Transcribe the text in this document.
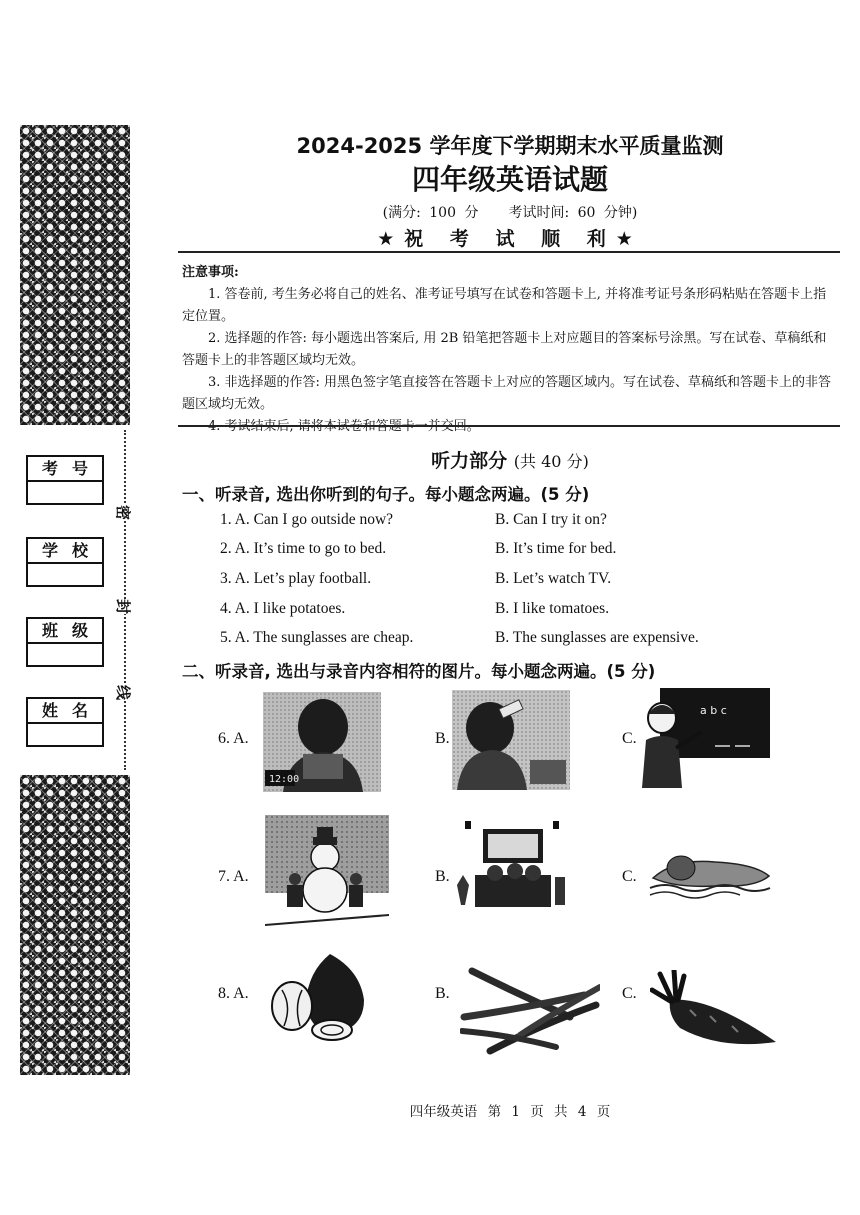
考号
学校
班级
姓名
密
封
线
2024-2025 学年度下学期期末水平质量监测
四年级英语试题
(满分: 100 分 考试时间: 60 分钟)
★祝 考 试 顺 利★
注意事项:

1. 答卷前, 考生务必将自己的姓名、准考证号填写在试卷和答题卡上, 并将准考证号条形码粘贴在答题卡上指定位置。

2. 选择题的作答: 每小题选出答案后, 用 2B 铅笔把答题卡上对应题目的答案标号涂黑。写在试卷、草稿纸和答题卡上的非答题区域均无效。

3. 非选择题的作答: 用黑色签字笔直接答在答题卡上对应的答题区域内。写在试卷、草稿纸和答题卡上的非答题区域均无效。

4. 考试结束后, 请将本试卷和答题卡一并交回。

听力部分 (共 40 分)
一、听录音, 选出你听到的句子。每小题念两遍。(5 分)
1. A. Can I go outside now?	B. Can I try it on?
2. A. It’s time to go to bed.	B. It’s time for bed.
3. A. Let’s play football.	B. Let’s watch TV.
4. A. I like potatoes.	B. I like tomatoes.
5. A. The sunglasses are cheap.	B. The sunglasses are expensive.
二、听录音, 选出与录音内容相符的图片。每小题念两遍。(5 分)
6. A.
12:00
B.	C.
a b c
7. A.	B.	C.
8. A.	B.	C.
四年级英语 第 1 页 共 4 页
